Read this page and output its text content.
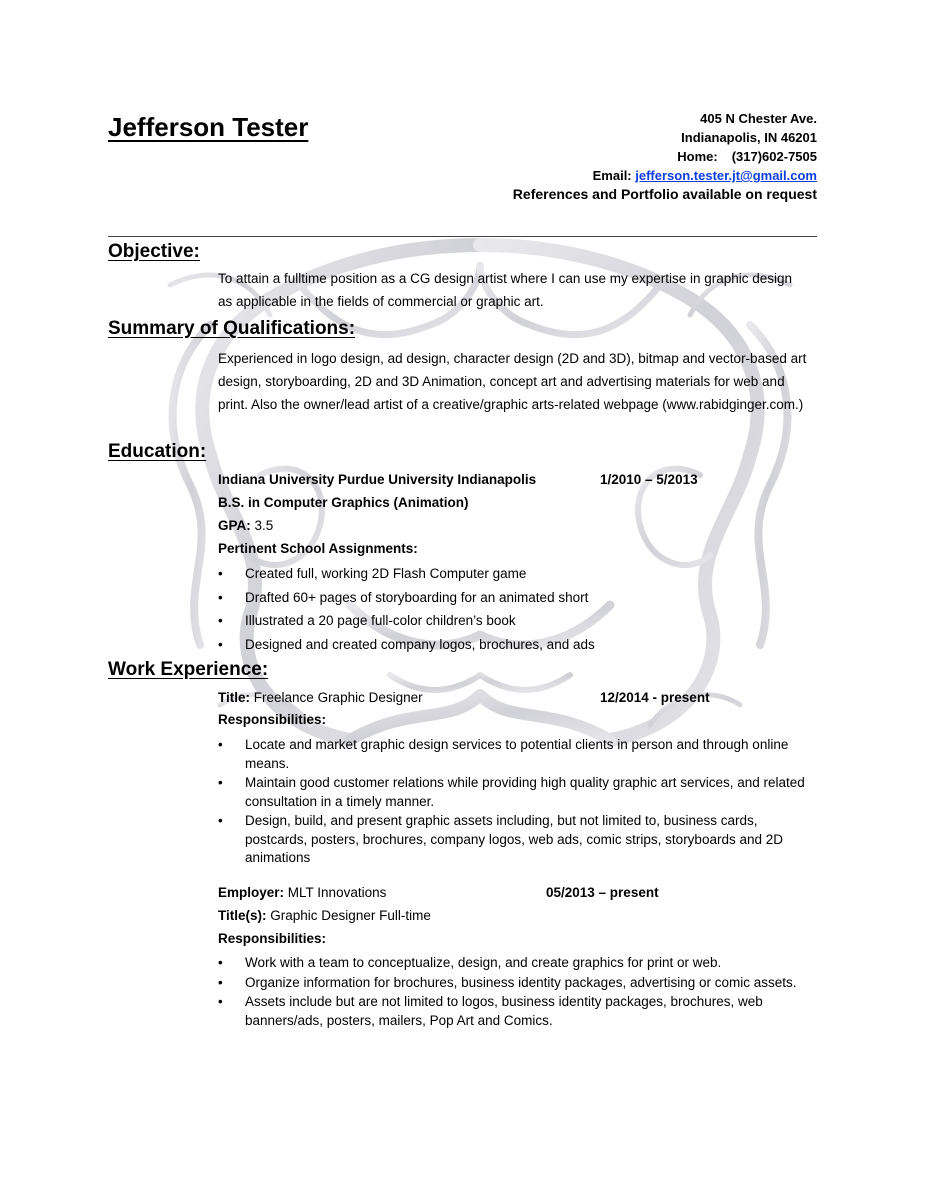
Jefferson Tester	405 N Chester Ave.
Indianapolis, IN 46201
Home: (317)602-7505
Email: jefferson.tester.jt@gmail.com
References and Portfolio available on request
Objective:
To attain a fulltime position as a CG design artist where I can use my expertise in graphic design
as applicable in the fields of commercial or graphic art.
Summary of Qualifications:

Experienced in logo design, ad design, character design (2D and 3D), bitmap and vector-based art design, storyboarding, 2D and 3D Animation, concept art and advertising materials for web and print. Also the owner/lead artist of a creative/graphic arts-related webpage (www.rabidginger.com.)

Education:
Indiana University Purdue University Indianapolis	1/2010 – 5/2013
B.S. in Computer Graphics (Animation)
GPA: 3.5
Pertinent School Assignments:
• Created full, working 2D Flash Computer game
• Drafted 60+ pages of storyboarding for an animated short
• Illustrated a 20 page full-color children’s book
• Designed and created company logos, brochures, and ads
Work Experience:
Title: Freelance Graphic Designer	12/2014 - present
Responsibilities:
• Locate and market graphic design services to potential clients in person and through online means.
• Maintain good customer relations while providing high quality graphic art services, and related consultation in a timely manner.
• Design, build, and present graphic assets including, but not limited to, business cards, postcards, posters, brochures, company logos, web ads, comic strips, storyboards and 2D animations
Employer: MLT Innovations	05/2013 – present
Title(s): Graphic Designer Full-time
Responsibilities:
• Work with a team to conceptualize, design, and create graphics for print or web.
• Organize information for brochures, business identity packages, advertising or comic assets.
• Assets include but are not limited to logos, business identity packages, brochures, web banners/ads, posters, mailers, Pop Art and Comics.
